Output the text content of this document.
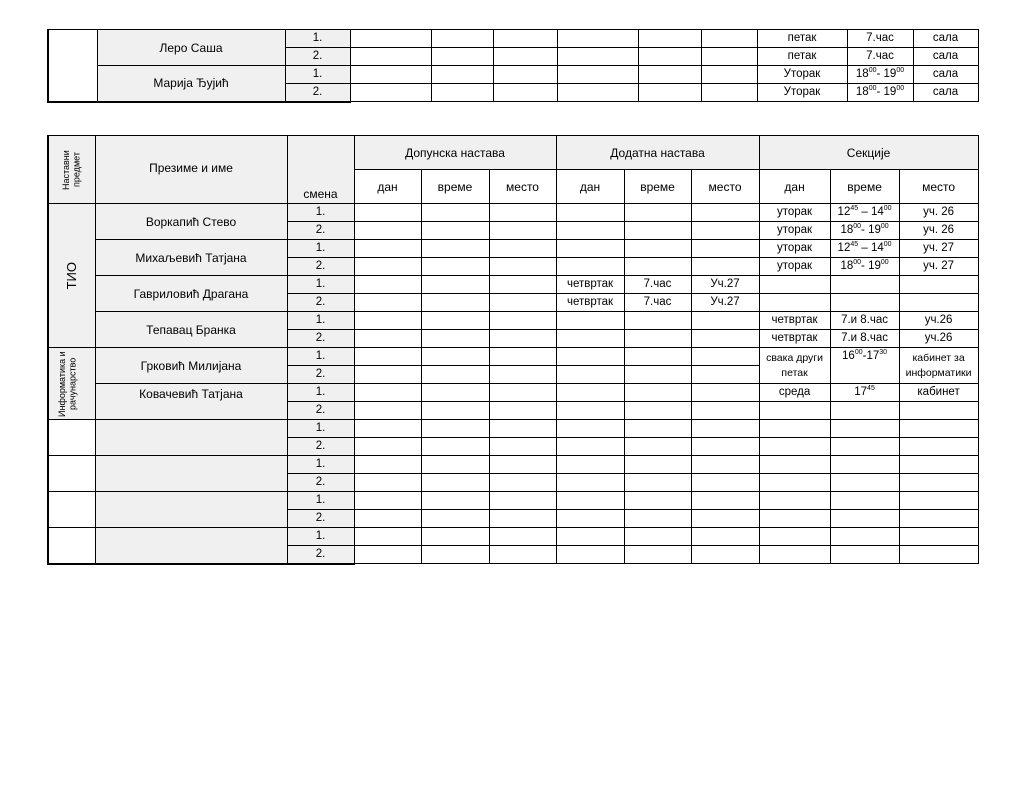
	Леро Саша	1.							петак	7.час	сала
		2.							петак	7.час	сала
	Марија Ђујић	1.							Уторак	$18^{00}-$ $19^{00}$	сала
		2.							Уторак	$18^{00}-$ $19^{00}$	сала
Наставни предмет	Презиме и име	смена	Допунска настава			Додатна настава			Секције		
			дан	време	место	дан	време	место	дан	време	место

ТИО	Воркапић Стево	1.							уторак	$12^{45} - 14^{00}$	уч. 26
		2.							уторак	$18^{00}-$ $19^{00}$	уч. 26
	Михаљевић Татјана	1.							уторак	$12^{45} - 14^{00}$	уч. 27
		2.							уторак	$18^{00}-$ $19^{00}$	уч. 27
	Гавриловић Драгана	1.				четвртак	7.час	Уч.27			
		2.				четвртак	7.час	Уч.27			
	Тепавац Бранка	1.							четвртак	7.и 8.час	уч.26
		2.							четвртак	7.и 8.час	уч.26

Информатика и рачунарство	Грковић Милијана	1.							свака други петак	$16^{00}-17^{30}$	кабинет за информатики
		2.									
	Ковачевић Татјана	1.							среда	$17^{45}$	кабинет
		2.									
		1.									
		2.									
		1.									
		2.									
		1.									
		2.									
		1.									
		2.									
